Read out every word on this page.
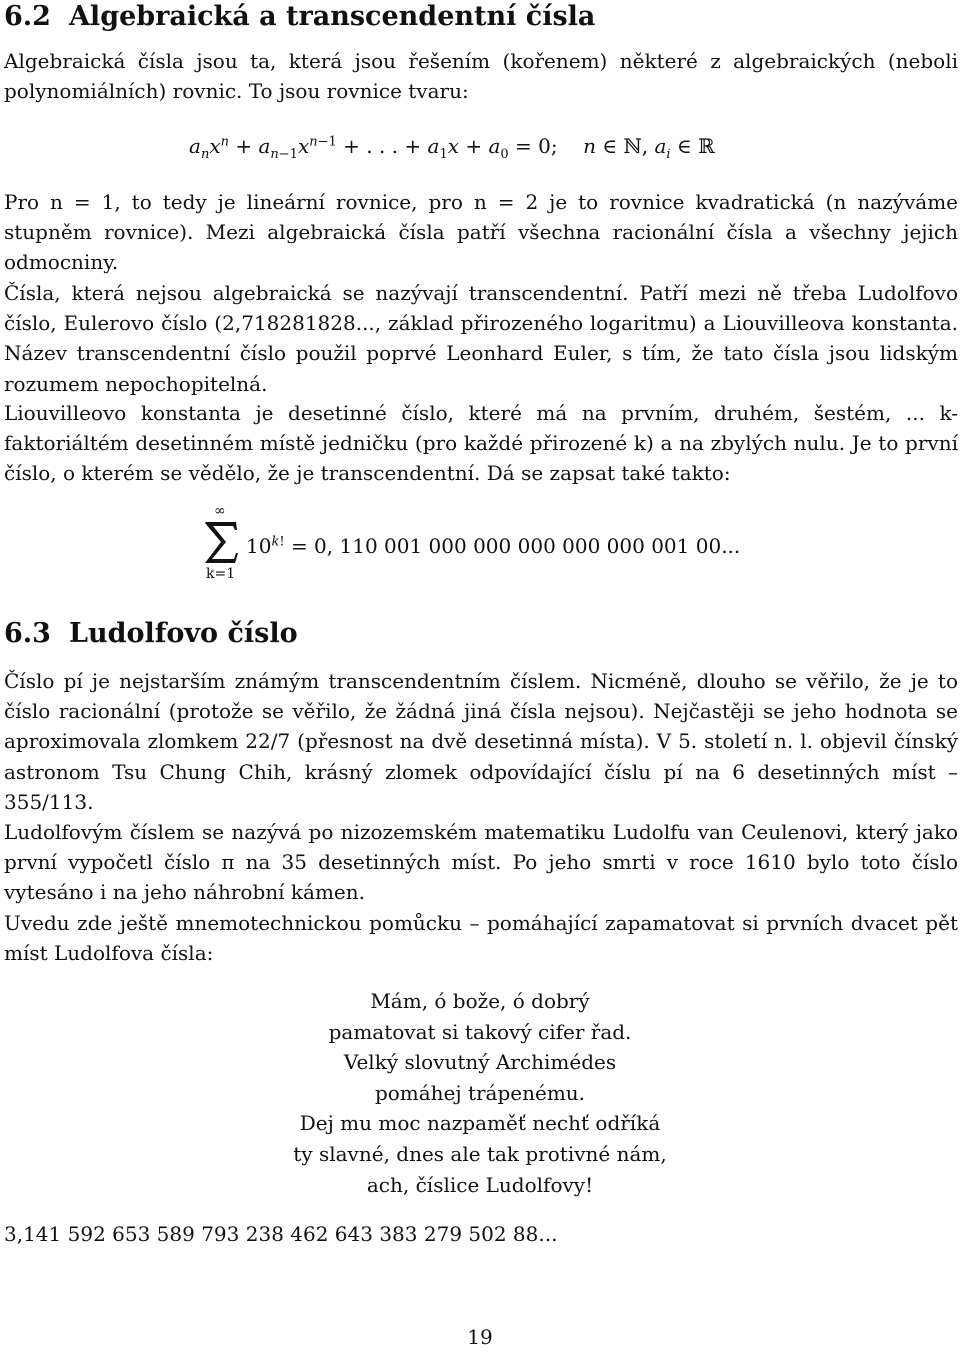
6.2 Algebraická a transcendentní čísla

Algebraická čísla jsou ta, která jsou řešením (kořenem) některé z algebraických (neboli polynomiálních) rovnic. To jsou rovnice tvaru:

$a_nx^n + a_{n-1}x^{n-1}$ + . . . + $a_1x + a_0 = 0$;    n ∈ ℕ, $a_i$ ∈ ℝ

Pro n = 1, to tedy je lineární rovnice, pro n = 2 je to rovnice kvadratická (n nazýváme stupněm rovnice). Mezi algebraická čísla patří všechna racionální čísla a všechny jejich odmocniny.

Čísla, která nejsou algebraická se nazývají transcendentní. Patří mezi ně třeba Ludolfovo číslo, Eulerovo číslo (2,718281828..., základ přirozeného logaritmu) a Liouvilleova konstanta. Název transcendentní číslo použil poprvé Leonhard Euler, s tím, že tato čísla jsou lidským rozumem nepochopitelná.

Liouvilleovo konstanta je desetinné číslo, které má na prvním, druhém, šestém, ... k-faktoriáltém desetinném místě jedničku (pro každé přirozené k) a na zbylých nulu. Je to první číslo, o kterém se vědělo, že je transcendentní. Dá se zapsat také takto:

∞
k=1
$10^{k!} = 0$, 110 001 000 000 000 000 000 001 00...
6.3 Ludolfovo číslo

Číslo pí je nejstarším známým transcendentním číslem. Nicméně, dlouho se věřilo, že je to číslo racionální (protože se věřilo, že žádná jiná čísla nejsou). Nejčastěji se jeho hodnota se aproximovala zlomkem 22/7 (přesnost na dvě desetinná místa). V 5. století n. l. objevil čínský astronom Tsu Chung Chih, krásný zlomek odpovídající číslu pí na 6 desetinných míst – 355/113.

Ludolfovým číslem se nazývá po nizozemském matematiku Ludolfu van Ceulenovi, který jako první vypočetl číslo π na 35 desetinných míst. Po jeho smrti v roce 1610 bylo toto číslo vytesáno i na jeho náhrobní kámen.

Uvedu zde ještě mnemotechnickou pomůcku – pomáhající zapamatovat si prvních dvacet pět míst Ludolfova čísla:

Mám, ó bože, ó dobrý
pamatovat si takový cifer řad.
Velký slovutný Archimédes
pomáhej trápenému.
Dej mu moc nazpaměť nechť odříká
ty slavné, dnes ale tak protivné nám,
ach, číslice Ludolfovy!
3,141 592 653 589 793 238 462 643 383 279 502 88...
19
